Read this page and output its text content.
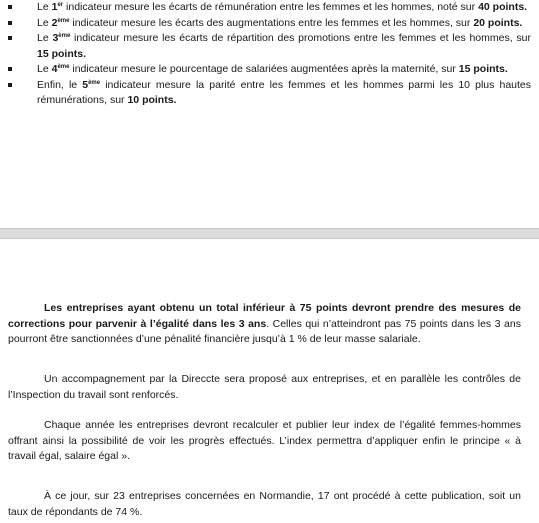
Le 1er indicateur mesure les écarts de rémunération entre les femmes et les hommes, noté sur 40 points.
Le 2ème indicateur mesure les écarts des augmentations entre les femmes et les hommes, sur 20 points.
Le 3ème indicateur mesure les écarts de répartition des promotions entre les femmes et les hommes, sur 15 points.
Le 4ème indicateur mesure le pourcentage de salariées augmentées après la maternité, sur 15 points.
Enfin, le 5ème indicateur mesure la parité entre les femmes et les hommes parmi les 10 plus hautes rémunérations, sur 10 points.

Les entreprises ayant obtenu un total inférieur à 75 points devront prendre des mesures de corrections pour parvenir à l’égalité dans les 3 ans. Celles qui n’atteindront pas 75 points dans les 3 ans pourront être sanctionnées d’une pénalité financière jusqu’à 1 % de leur masse salariale.

Un accompagnement par la Direccte sera proposé aux entreprises, et en parallèle les contrôles de l’Inspection du travail sont renforcés.

Chaque année les entreprises devront recalculer et publier leur index de l’égalité femmes-hommes offrant ainsi la possibilité de voir les progrès effectués. L’index permettra d’appliquer enfin le principe « à travail égal, salaire égal ».

À ce jour, sur 23 entreprises concernées en Normandie, 17 ont procédé à cette publication, soit un taux de répondants de 74 %.
